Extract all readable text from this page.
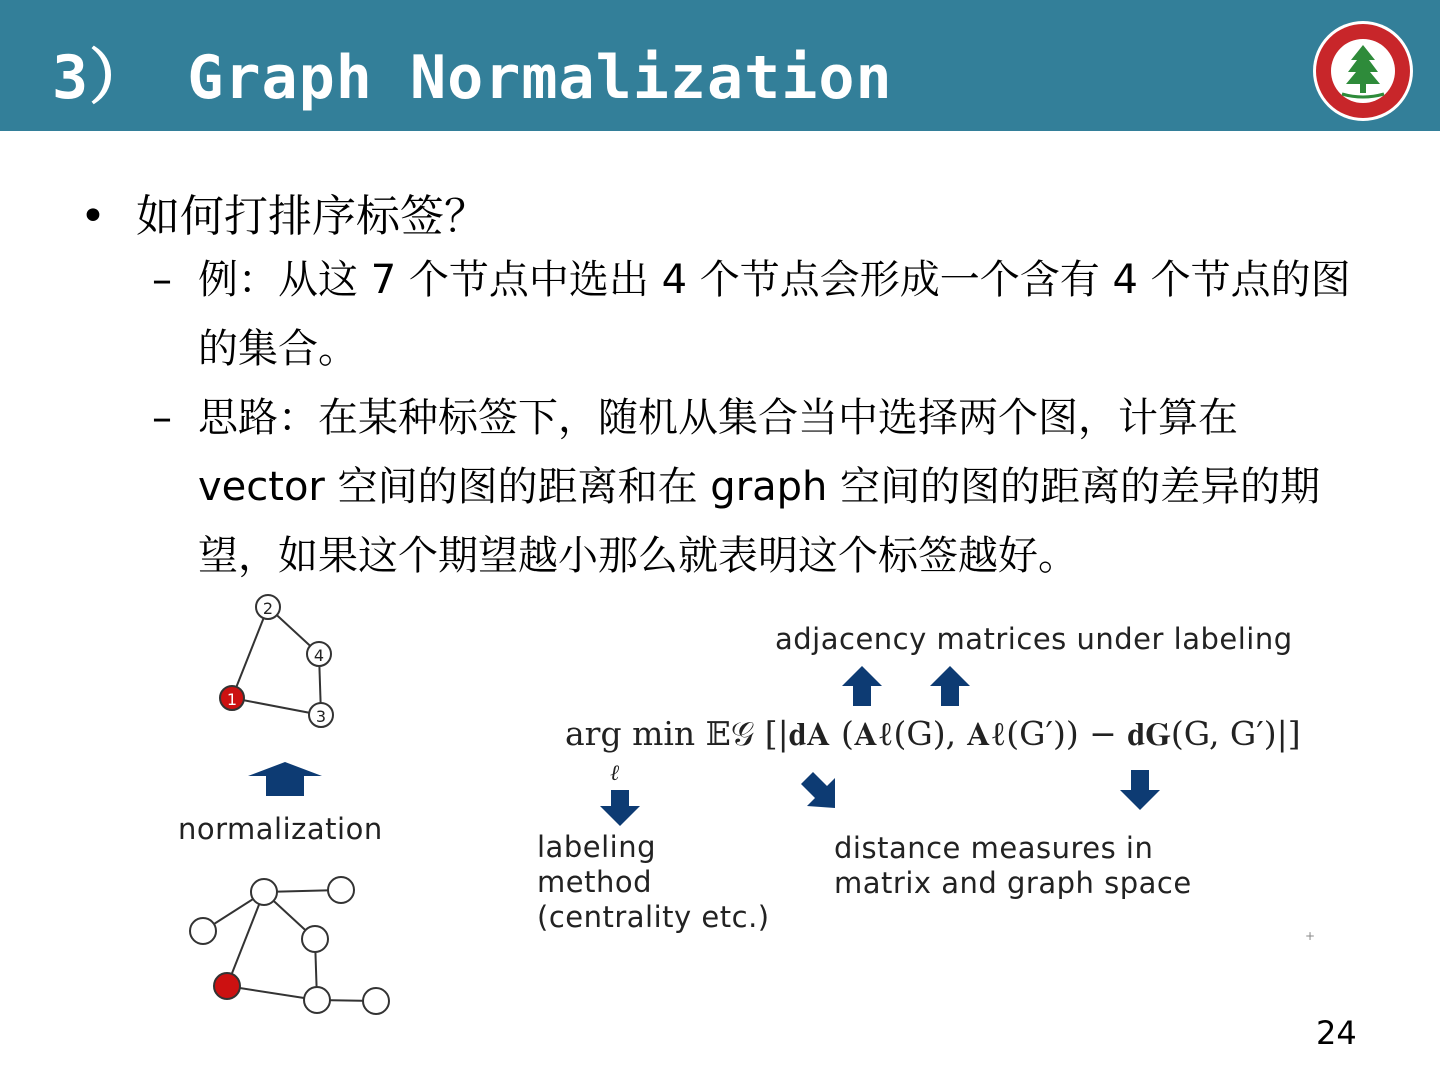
3） Graph Normalization
• 如何打排序标签？
– 例：从这 7 个节点中选出 4 个节点会形成一个含有 4 个节点的图的集合。
– 思路：在某种标签下，随机从集合当中选择两个图，计算在vector 空间的图的距离和在 graph 空间的图的距离的差异的期望，如果这个期望越小那么就表明这个标签越好。
2
4
3
1
+
normalization
adjacency matrices under labeling
arg min 𝔼𝒢 [|𝐝𝐀 (𝐀ℓ(G), 𝐀ℓ(G′)) − 𝐝𝐆(G, G′)|]
ℓ
labeling
method
(centrality etc.)
distance measures in
matrix and graph space
24
